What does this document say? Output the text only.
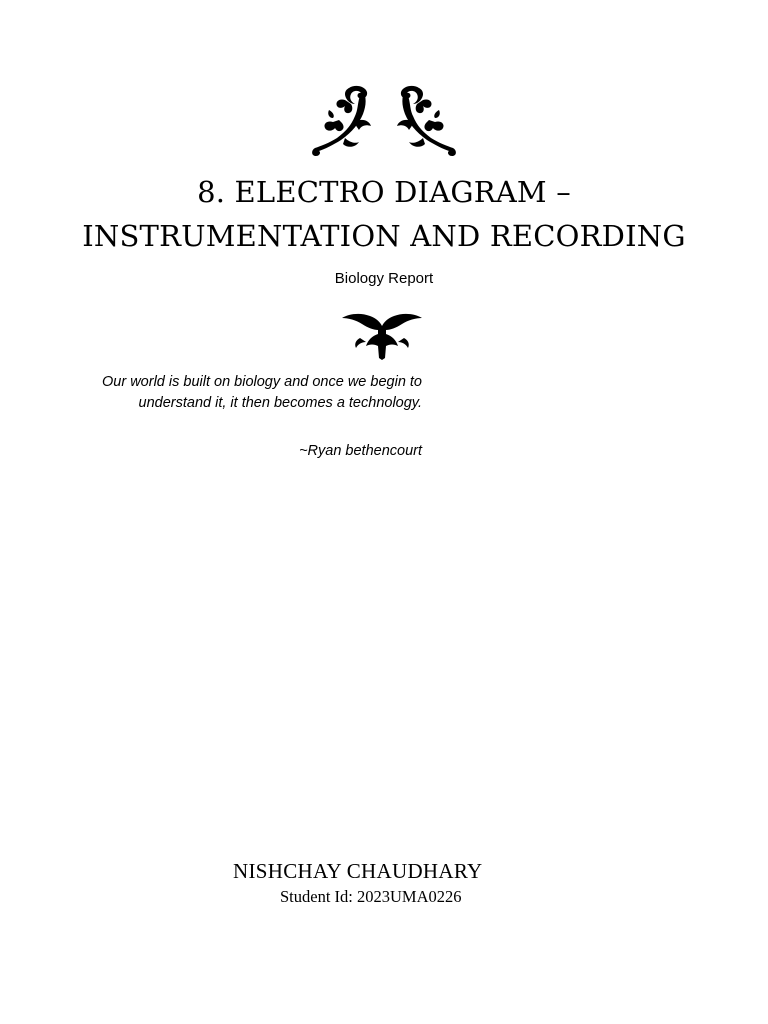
8. ELECTRO DIAGRAM –
INSTRUMENTATION AND RECORDING
Biology Report
Our world is built on biology and once we begin to understand it, it then becomes a technology.
~Ryan bethencourt
NISHCHAY CHAUDHARY
Student Id: 2023UMA0226
